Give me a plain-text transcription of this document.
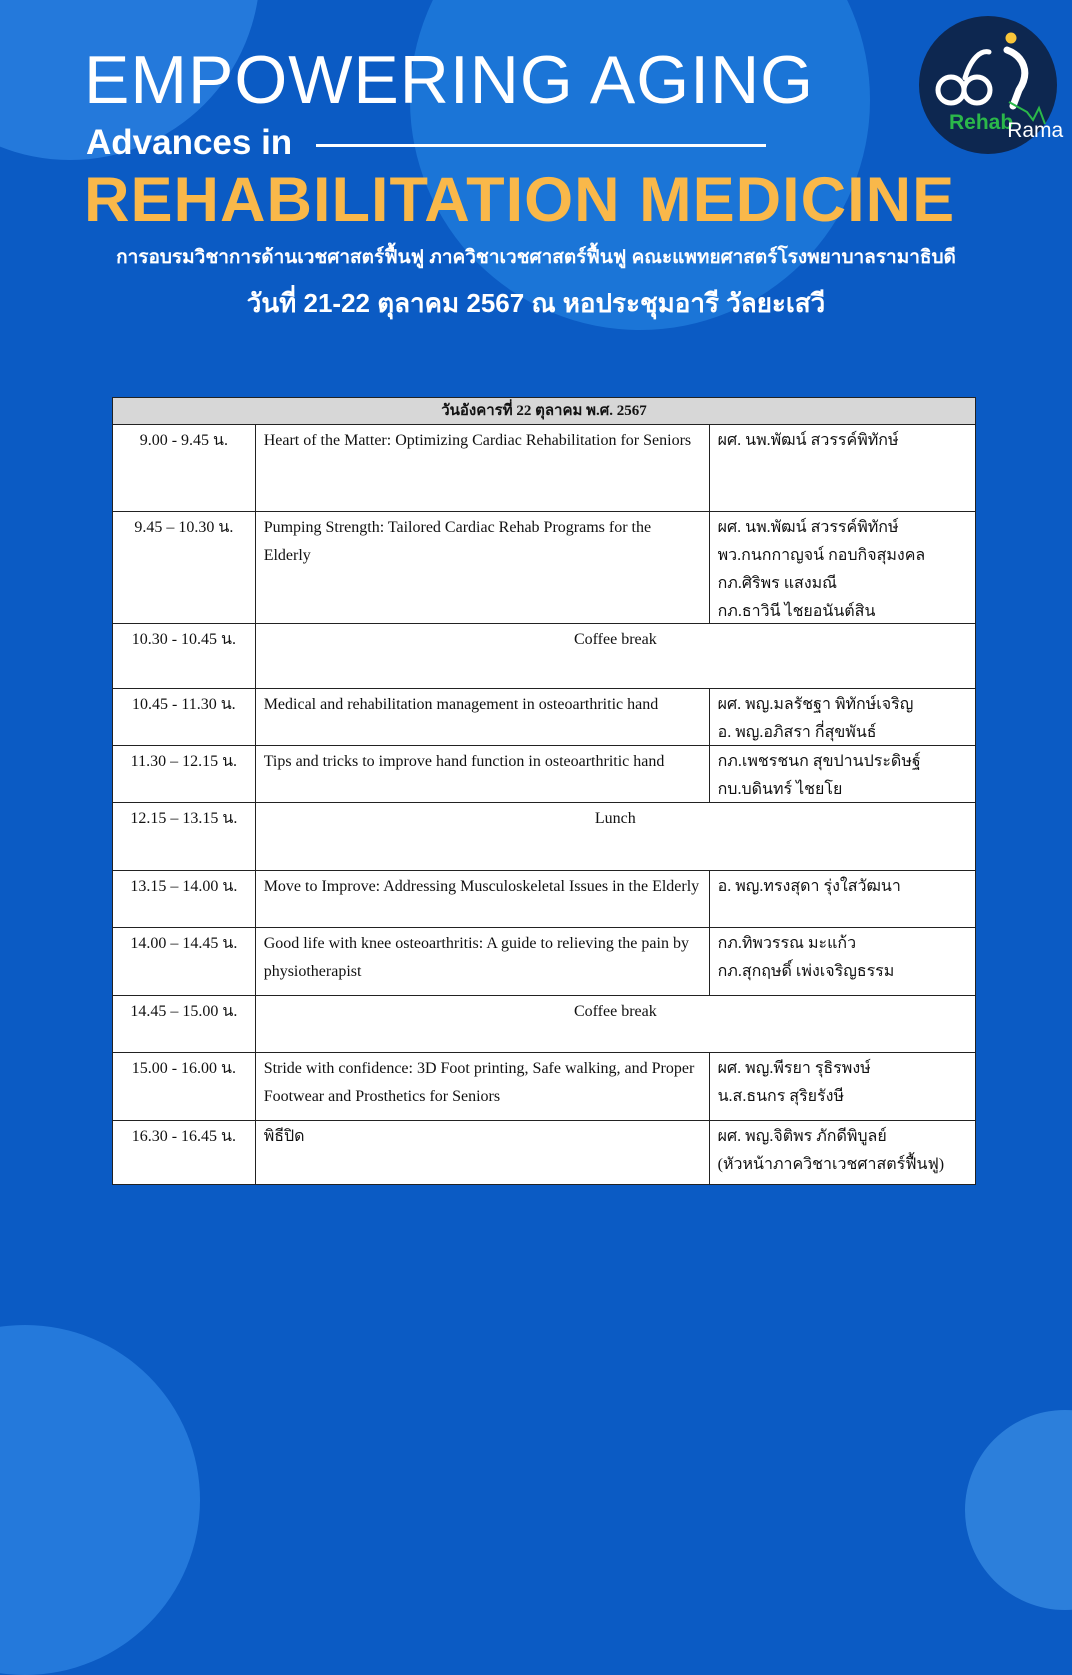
EMPOWERING AGING
Advances in
REHABILITATION MEDICINE
การอบรมวิชาการด้านเวชศาสตร์ฟื้นฟู ภาควิชาเวชศาสตร์ฟื้นฟู คณะแพทยศาสตร์โรงพยาบาลรามาธิบดี
วันที่ 21-22 ตุลาคม 2567 ณ หอประชุมอารี วัลยะเสวี
RehabRama
วันอังคารที่ 22 ตุลาคม พ.ศ. 2567
9.00 - 9.45 น.	Heart of the Matter: Optimizing Cardiac Rehabilitation for Seniors	ผศ. นพ.พัฒน์ สวรรค์พิทักษ์
9.45 – 10.30 น.	Pumping Strength: Tailored Cardiac Rehab Programs for the Elderly
ผศ. นพ.พัฒน์ สวรรค์พิทักษ์
พว.กนกกาญจน์ กอบกิจสุมงคล
กภ.ศิริพร แสงมณี
กภ.ธาวินี ไชยอนันต์สิน
10.30 - 10.45 น.	Coffee break
10.45 - 11.30 น.	Medical and rehabilitation management in osteoarthritic hand	ผศ. พญ.มลรัชฐา พิทักษ์เจริญ
อ. พญ.อภิสรา กี่สุขพันธ์
11.30 – 12.15 น.	Tips and tricks to improve hand function in osteoarthritic hand	กภ.เพชรชนก สุขปานประดิษฐ์
กบ.บดินทร์ ไชยโย
12.15 – 13.15 น.	Lunch
13.15 – 14.00 น.	Move to Improve: Addressing Musculoskeletal Issues in the Elderly	อ. พญ.ทรงสุดา รุ่งใสวัฒนา
14.00 – 14.45 น.	Good life with knee osteoarthritis: A guide to relieving the pain by physiotherapist
กภ.ทิพวรรณ มะแก้ว
กภ.สุกฤษดิ์ เพ่งเจริญธรรม
14.45 – 15.00 น.	Coffee break
15.00 - 16.00 น.	Stride with confidence: 3D Foot printing, Safe walking, and Proper Footwear and Prosthetics for Seniors
ผศ. พญ.พีรยา รุธิรพงษ์
น.ส.ธนกร สุริยรังษี
16.30 - 16.45 น.	พิธีปิด	ผศ. พญ.จิติพร ภักดีพิบูลย์
(หัวหน้าภาควิชาเวชศาสตร์ฟื้นฟู)
